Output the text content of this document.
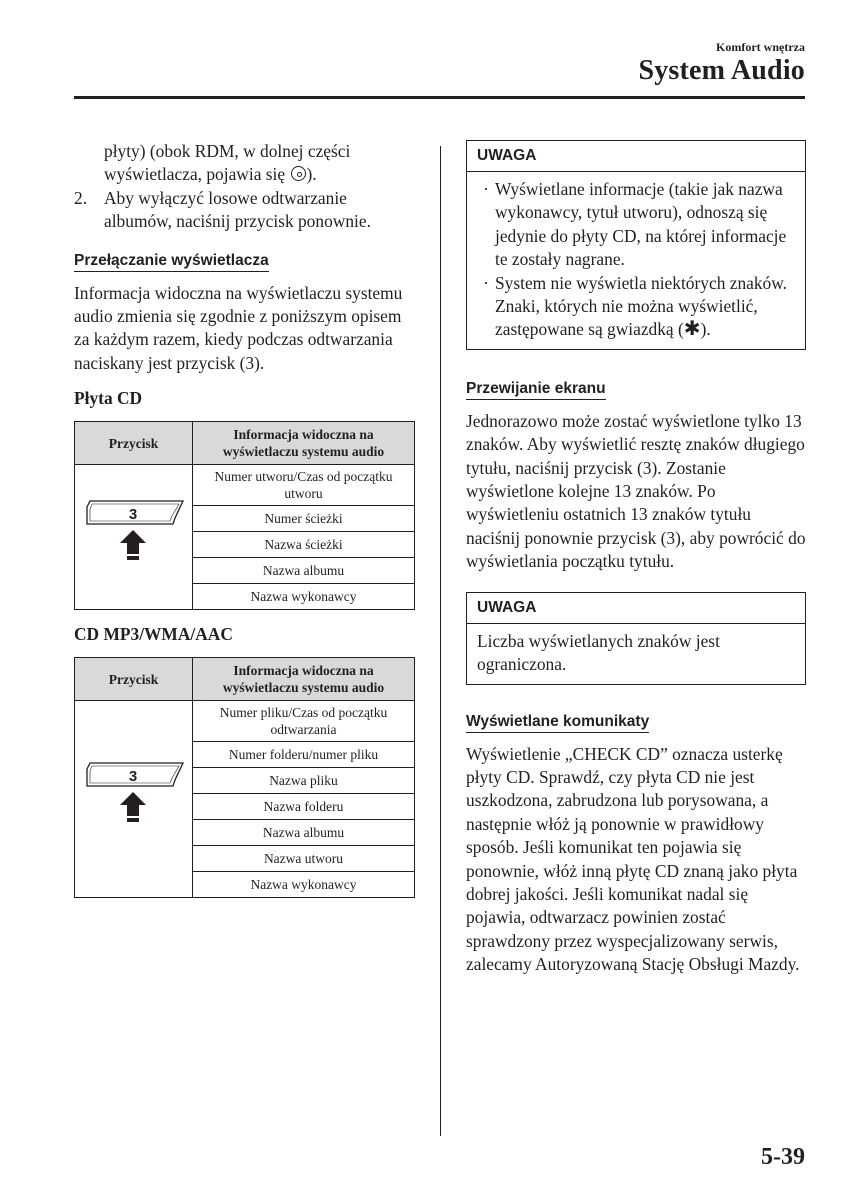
Komfort wnętrza
System Audio

płyty) (obok RDM, w dolnej części

wyświetlacza, pojawia się ).

2. Aby wyłączyć losowe odtwarzanie albumów, naciśnij przycisk ponownie.
Przełączanie wyświetlacza

Informacja widoczna na wyświetlaczu systemu audio zmienia się zgodnie z poniższym opisem za każdym razem, kiedy podczas odtwarzania naciskany jest przycisk (3).

Płyta CD
Przycisk	Informacja widoczna na wyświetlaczu systemu audio

3	Numer utworu/Czas od początku utworu
	Numer ścieżki
	Nazwa ścieżki
	Nazwa albumu
	Nazwa wykonawcy
CD MP3/WMA/AAC
Przycisk	Informacja widoczna na wyświetlaczu systemu audio

3	Numer pliku/Czas od początku odtwarzania
	Numer folderu/numer pliku
	Nazwa pliku
	Nazwa folderu
	Nazwa albumu
	Nazwa utworu
	Nazwa wykonawcy
UWAGA
· Wyświetlane informacje (takie jak nazwa wykonawcy, tytuł utworu), odnoszą się jedynie do płyty CD, na której informacje te zostały nagrane.
· System nie wyświetla niektórych znaków. Znaki, których nie można wyświetlić, zastępowane są gwiazdką (✱).
Przewijanie ekranu

Jednorazowo może zostać wyświetlone tylko 13 znaków. Aby wyświetlić resztę znaków długiego tytułu, naciśnij przycisk (3). Zostanie wyświetlone kolejne 13 znaków. Po wyświetleniu ostatnich 13 znaków tytułu naciśnij ponownie przycisk (3), aby powrócić do wyświetlania początku tytułu.

UWAGA

Liczba wyświetlanych znaków jest ograniczona.

Wyświetlane komunikaty

Wyświetlenie „CHECK CD” oznacza usterkę płyty CD. Sprawdź, czy płyta CD nie jest uszkodzona, zabrudzona lub porysowana, a następnie włóż ją ponownie w prawidłowy sposób. Jeśli komunikat ten pojawia się ponownie, włóż inną płytę CD znaną jako płyta dobrej jakości. Jeśli komunikat nadal się pojawia, odtwarzacz powinien zostać sprawdzony przez wyspecjalizowany serwis, zalecamy Autoryzowaną Stację Obsługi Mazdy.

5-39
